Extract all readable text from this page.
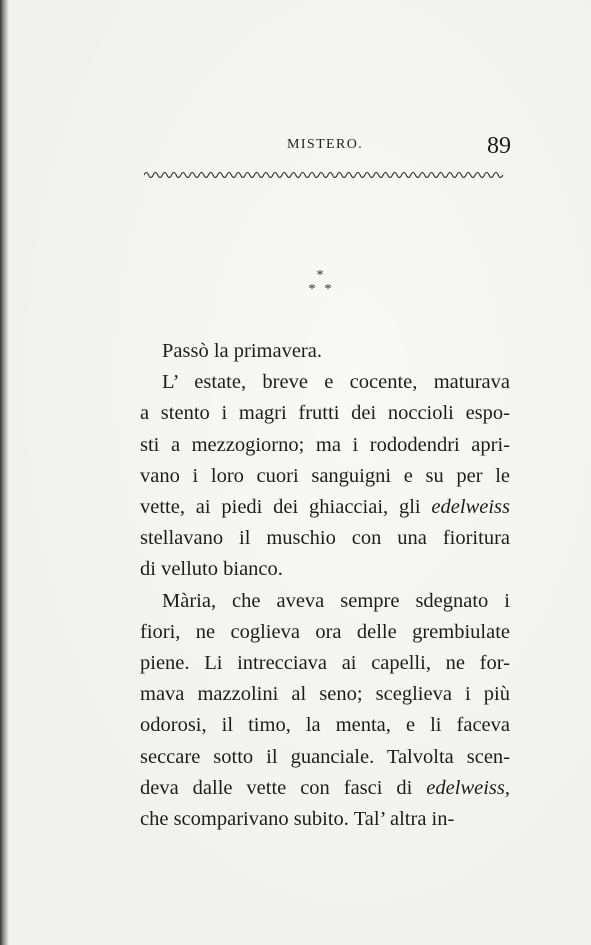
MISTERO.	89
*
* *
Passò la primavera.
L’ estate, breve e cocente, maturava
a stento i magri frutti dei noccioli espo-
sti a mezzogiorno; ma i rododendri apri-
vano i loro cuori sanguigni e su per le
vette, ai piedi dei ghiacciai, gli edelweiss
stellavano il muschio con una fioritura
di velluto bianco.
Mària, che aveva sempre sdegnato i
fiori, ne coglieva ora delle grembiulate
piene. Li intrecciava ai capelli, ne for-
mava mazzolini al seno; sceglieva i più
odorosi, il timo, la menta, e li faceva
seccare sotto il guanciale. Talvolta scen-
deva dalle vette con fasci di edelweiss,
che scomparivano subito. Tal’ altra in-
